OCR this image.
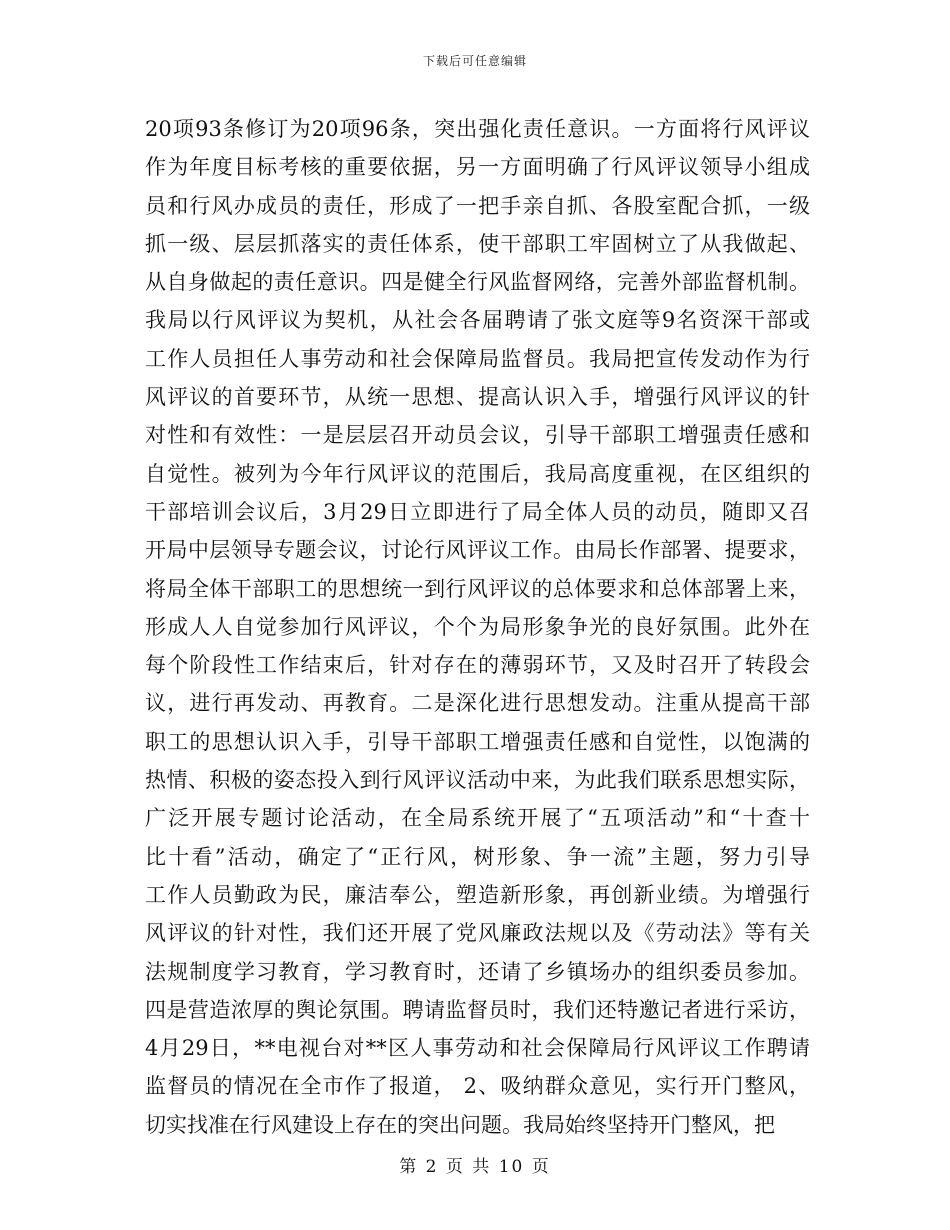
下载后可任意编辑
20项93条修订为20项96条，突出强化责任意识。一方面将行风评议
作为年度目标考核的重要依据，另一方面明确了行风评议领导小组成
员和行风办成员的责任，形成了一把手亲自抓、各股室配合抓，一级
抓一级、层层抓落实的责任体系，使干部职工牢固树立了从我做起、
从自身做起的责任意识。四是健全行风监督网络，完善外部监督机制。
我局以行风评议为契机，从社会各届聘请了张文庭等9名资深干部或
工作人员担任人事劳动和社会保障局监督员。我局把宣传发动作为行
风评议的首要环节，从统一思想、提高认识入手，增强行风评议的针
对性和有效性：一是层层召开动员会议，引导干部职工增强责任感和
自觉性。被列为今年行风评议的范围后，我局高度重视，在区组织的
干部培训会议后，3月29日立即进行了局全体人员的动员，随即又召
开局中层领导专题会议，讨论行风评议工作。由局长作部署、提要求，
将局全体干部职工的思想统一到行风评议的总体要求和总体部署上来，
形成人人自觉参加行风评议，个个为局形象争光的良好氛围。此外在
每个阶段性工作结束后，针对存在的薄弱环节，又及时召开了转段会
议，进行再发动、再教育。二是深化进行思想发动。注重从提高干部
职工的思想认识入手，引导干部职工增强责任感和自觉性，以饱满的
热情、积极的姿态投入到行风评议活动中来，为此我们联系思想实际，
广泛开展专题讨论活动，在全局系统开展了“五项活动”和“十查十
比十看”活动，确定了“正行风，树形象、争一流”主题，努力引导
工作人员勤政为民，廉洁奉公，塑造新形象，再创新业绩。为增强行
风评议的针对性，我们还开展了党风廉政法规以及《劳动法》等有关
法规制度学习教育，学习教育时，还请了乡镇场办的组织委员参加。
四是营造浓厚的舆论氛围。聘请监督员时，我们还特邀记者进行采访，
4月29日，**电视台对**区人事劳动和社会保障局行风评议工作聘请
监督员的情况在全市作了报道， 2、吸纳群众意见，实行开门整风，
切实找准在行风建设上存在的突出问题。我局始终坚持开门整风，把
第 2 页 共 10 页
